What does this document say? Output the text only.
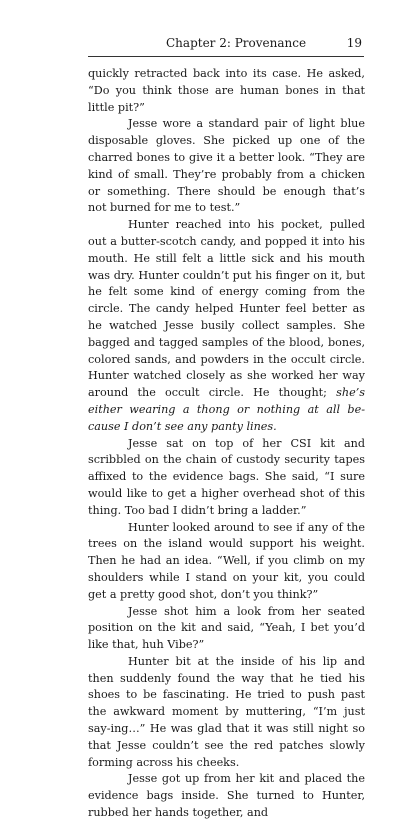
Chapter 2: Provenance	19

quickly retracted back into its case. He asked, “Do you think those are human bones in that little pit?”

Jesse wore a standard pair of light blue disposable gloves. She picked up one of the charred bones to give it a better look. “They are kind of small. They’re probably from a chicken or something. There should be enough that’s not burned for me to test.”

Hunter reached into his pocket, pulled out a butter-scotch candy, and popped it into his mouth. He still felt a little sick and his mouth was dry. Hunter couldn’t put his finger on it, but he felt some kind of energy coming from the circle. The candy helped Hunter feel better as he watched Jesse busily collect samples. She bagged and tagged samples of the blood, bones, colored sands, and powders in the occult circle. Hunter watched closely as she worked her way around the occult circle. He thought; she’s either wearing a thong or nothing at all be-cause I don’t see any panty lines.

Jesse sat on top of her CSI kit and scribbled on the chain of custody security tapes affixed to the evidence bags. She said, “I sure would like to get a higher overhead shot of this thing. Too bad I didn’t bring a ladder.”

Hunter looked around to see if any of the trees on the island would support his weight. Then he had an idea. “Well, if you climb on my shoulders while I stand on your kit, you could get a pretty good shot, don’t you think?”

Jesse shot him a look from her seated position on the kit and said, “Yeah, I bet you’d like that, huh Vibe?”

Hunter bit at the inside of his lip and then suddenly found the way that he tied his shoes to be fascinating. He tried to push past the awkward moment by muttering, “I’m just say-ing…” He was glad that it was still night so that Jesse couldn’t see the red patches slowly forming across his cheeks.

Jesse got up from her kit and placed the evidence bags inside. She turned to Hunter, rubbed her hands together, and
